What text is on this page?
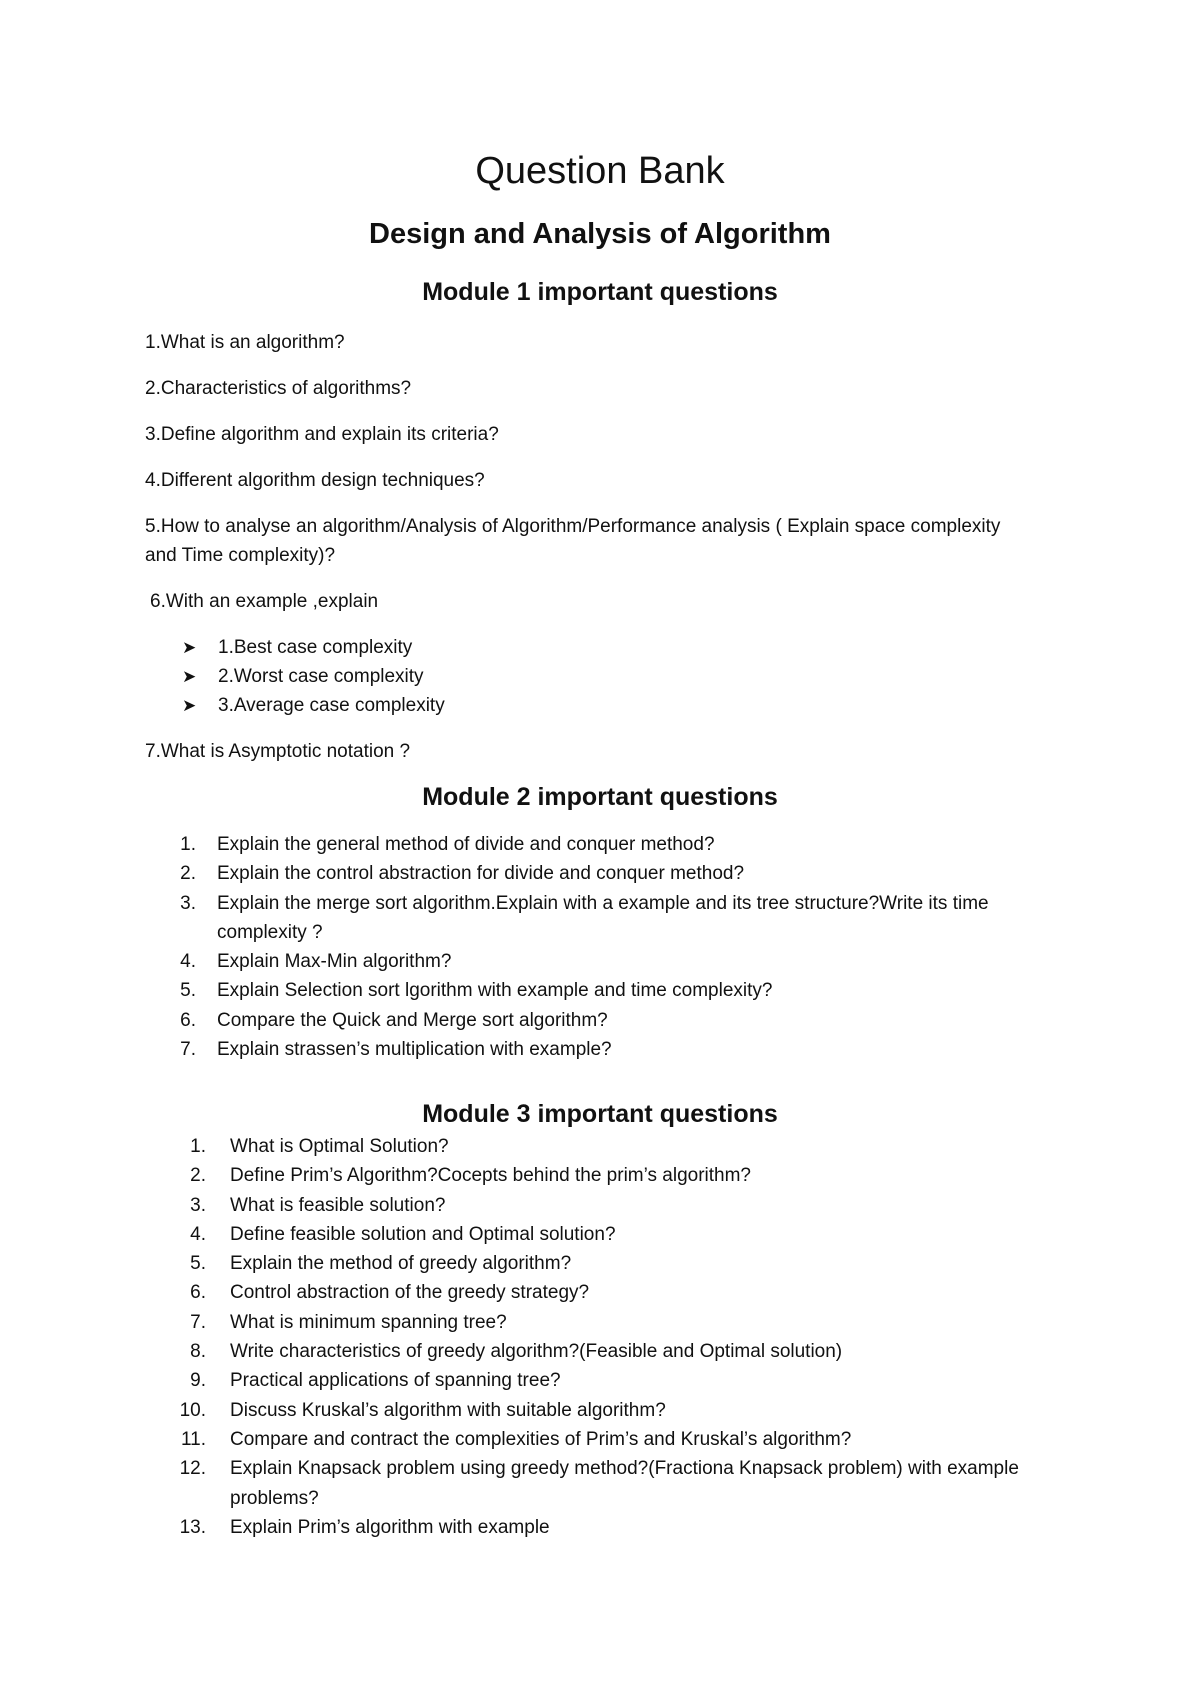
Question Bank
Design and Analysis of Algorithm
Module 1 important questions

1.What is an algorithm?

2.Characteristics of algorithms?

3.Define algorithm and explain its criteria?

4.Different algorithm design techniques?

5.How to analyse an algorithm/Analysis of Algorithm/Performance analysis ( Explain space complexity and Time complexity)?

6.With an example ,explain

➤ 1.Best case complexity
➤ 2.Worst case complexity
➤ 3.Average case complexity

7.What is Asymptotic notation ?

Module 2 important questions
1. Explain the general method of divide and conquer method?
2. Explain the control abstraction for divide and conquer method?
3. Explain the merge sort algorithm.Explain with a example and its tree structure?Write its time complexity ?
4. Explain Max-Min algorithm?
5. Explain Selection sort lgorithm with example and time complexity?
6. Compare the Quick and Merge sort algorithm?
7. Explain strassen’s multiplication with example?
Module 3 important questions
1. What is Optimal Solution?
2. Define Prim’s Algorithm?Cocepts behind the prim’s algorithm?
3. What is feasible solution?
4. Define feasible solution and Optimal solution?
5. Explain the method of greedy algorithm?
6. Control abstraction of the greedy strategy?
7. What is minimum spanning tree?
8. Write characteristics of greedy algorithm?(Feasible and Optimal solution)
9. Practical applications of spanning tree?
10. Discuss Kruskal’s algorithm with suitable algorithm?
11. Compare and contract the complexities of Prim’s and Kruskal’s algorithm?
12. Explain Knapsack problem using greedy method?(Fractiona Knapsack problem) with example problems?
13. Explain Prim’s algorithm with example
